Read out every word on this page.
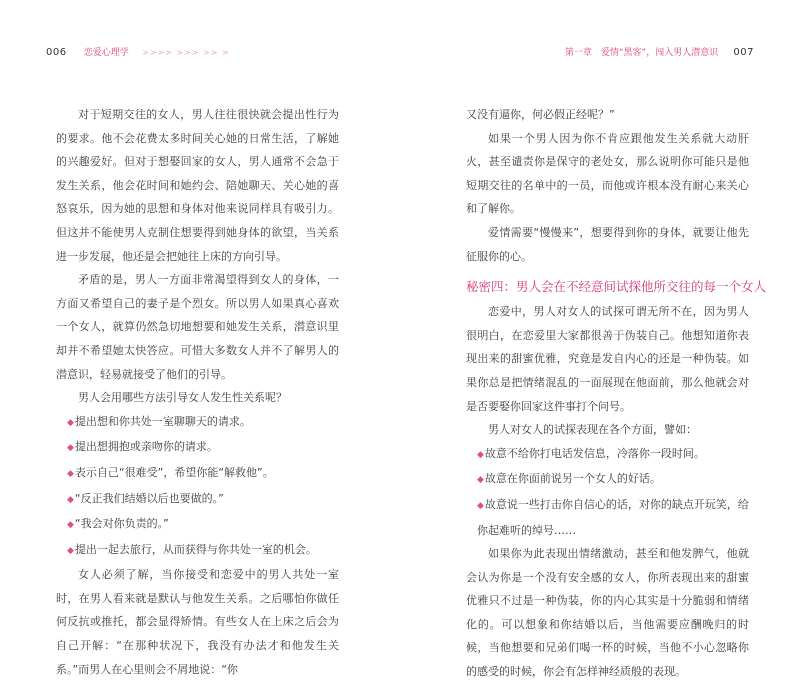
006 恋爱心理学 >>>> >>> >> >	第一章　爱情“黑客”，闯入男人潜意识 007

对于短期交往的女人，男人往往很快就会提出性行为的要求。他不会花费太多时间关心她的日常生活，了解她的兴趣爱好。但对于想娶回家的女人，男人通常不会急于发生关系，他会花时间和她约会、陪她聊天、关心她的喜怒哀乐，因为她的思想和身体对他来说同样具有吸引力。但这并不能使男人克制住想要得到她身体的欲望，当关系进一步发展，他还是会把她往上床的方向引导。

矛盾的是，男人一方面非常渴望得到女人的身体，一方面又希望自己的妻子是个烈女。所以男人如果真心喜欢一个女人，就算仍然急切地想要和她发生关系，潜意识里却并不希望她太快答应。可惜大多数女人并不了解男人的潜意识，轻易就接受了他们的引导。

男人会用哪些方法引导女人发生性关系呢？

◆提出想和你共处一室聊聊天的请求。

◆提出想拥抱或亲吻你的请求。

◆表示自己“很难受”，希望你能“解救他”。

◆“反正我们结婚以后也要做的。”

◆“我会对你负责的。”

◆提出一起去旅行，从而获得与你共处一室的机会。

女人必须了解，当你接受和恋爱中的男人共处一室时，在男人看来就是默认与他发生关系。之后哪怕你做任何反抗或推托，都会显得矫情。有些女人在上床之后会为自己开解：“在那种状况下，我没有办法才和他发生关系。”而男人在心里则会不屑地说：“你

又没有逼你，何必假正经呢？”

如果一个男人因为你不肯应跟他发生关系就大动肝火，甚至谴责你是保守的老处女，那么说明你可能只是他短期交往的名单中的一员，而他或许根本没有耐心来关心和了解你。

爱情需要“慢慢来”，想要得到你的身体，就要让他先征服你的心。

秘密四：男人会在不经意间试探他所交往的每一个女人

恋爱中，男人对女人的试探可谓无所不在，因为男人很明白，在恋爱里大家都很善于伪装自己。他想知道你表现出来的甜蜜优雅，究竟是发自内心的还是一种伪装。如果你总是把情绪混乱的一面展现在他面前，那么他就会对是否要娶你回家这件事打个问号。

男人对女人的试探表现在各个方面，譬如：

◆故意不给你打电话发信息，冷落你一段时间。

◆故意在你面前说另一个女人的好话。

◆故意说一些打击你自信心的话，对你的缺点开玩笑，给你起难听的绰号……

如果你为此表现出情绪激动，甚至和他发脾气，他就会认为你是一个没有安全感的女人，你所表现出来的甜蜜优雅只不过是一种伪装，你的内心其实是十分脆弱和情绪化的。可以想象和你结婚以后，当他需要应酬晚归的时候，当他想要和兄弟们喝一杯的时候，当他不小心忽略你的感受的时候，你会有怎样神经质般的表现。
